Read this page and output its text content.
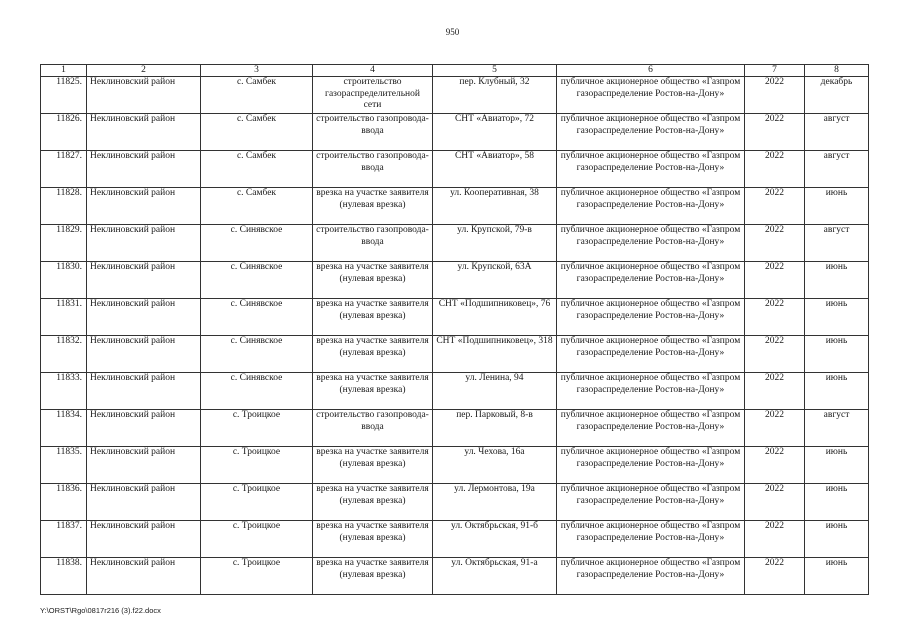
950
1	2	3	4	5	6	7	8
11825.	Неклиновский район	с. Самбек	строительство газораспределительной сети	пер. Клубный, 32	публичное акционерное общество «Газпром газораспределение Ростов-на-Дону»	2022	декабрь
11826.	Неклиновский район	с. Самбек	строительство газопровода-ввода	СНТ «Авиатор», 72	публичное акционерное общество «Газпром газораспределение Ростов-на-Дону»	2022	август
11827.	Неклиновский район	с. Самбек	строительство газопровода-ввода	СНТ «Авиатор», 58	публичное акционерное общество «Газпром газораспределение Ростов-на-Дону»	2022	август
11828.	Неклиновский район	с. Самбек	врезка на участке заявителя (нулевая врезка)	ул. Кооперативная, 38	публичное акционерное общество «Газпром газораспределение Ростов-на-Дону»	2022	июнь
11829.	Неклиновский район	с. Синявское	строительство газопровода-ввода	ул. Крупской, 79-в	публичное акционерное общество «Газпром газораспределение Ростов-на-Дону»	2022	август
11830.	Неклиновский район	с. Синявское	врезка на участке заявителя (нулевая врезка)	ул. Крупской, 63А	публичное акционерное общество «Газпром газораспределение Ростов-на-Дону»	2022	июнь
11831.	Неклиновский район	с. Синявское	врезка на участке заявителя (нулевая врезка)	СНТ «Подшипниковец», 76	публичное акционерное общество «Газпром газораспределение Ростов-на-Дону»	2022	июнь
11832.	Неклиновский район	с. Синявское	врезка на участке заявителя (нулевая врезка)	СНТ «Подшипниковец», 318	публичное акционерное общество «Газпром газораспределение Ростов-на-Дону»	2022	июнь
11833.	Неклиновский район	с. Синявское	врезка на участке заявителя (нулевая врезка)	ул. Ленина, 94	публичное акционерное общество «Газпром газораспределение Ростов-на-Дону»	2022	июнь
11834.	Неклиновский район	с. Троицкое	строительство газопровода-ввода	пер. Парковый, 8-в	публичное акционерное общество «Газпром газораспределение Ростов-на-Дону»	2022	август
11835.	Неклиновский район	с. Троицкое	врезка на участке заявителя (нулевая врезка)	ул. Чехова, 16а	публичное акционерное общество «Газпром газораспределение Ростов-на-Дону»	2022	июнь
11836.	Неклиновский район	с. Троицкое	врезка на участке заявителя (нулевая врезка)	ул. Лермонтова, 19а	публичное акционерное общество «Газпром газораспределение Ростов-на-Дону»	2022	июнь
11837.	Неклиновский район	с. Троицкое	врезка на участке заявителя (нулевая врезка)	ул. Октябрьская, 91-б	публичное акционерное общество «Газпром газораспределение Ростов-на-Дону»	2022	июнь
11838.	Неклиновский район	с. Троицкое	врезка на участке заявителя (нулевая врезка)	ул. Октябрьская, 91-а	публичное акционерное общество «Газпром газораспределение Ростов-на-Дону»	2022	июнь
Y:\ORST\Rgo\0817r216 (3).f22.docx
